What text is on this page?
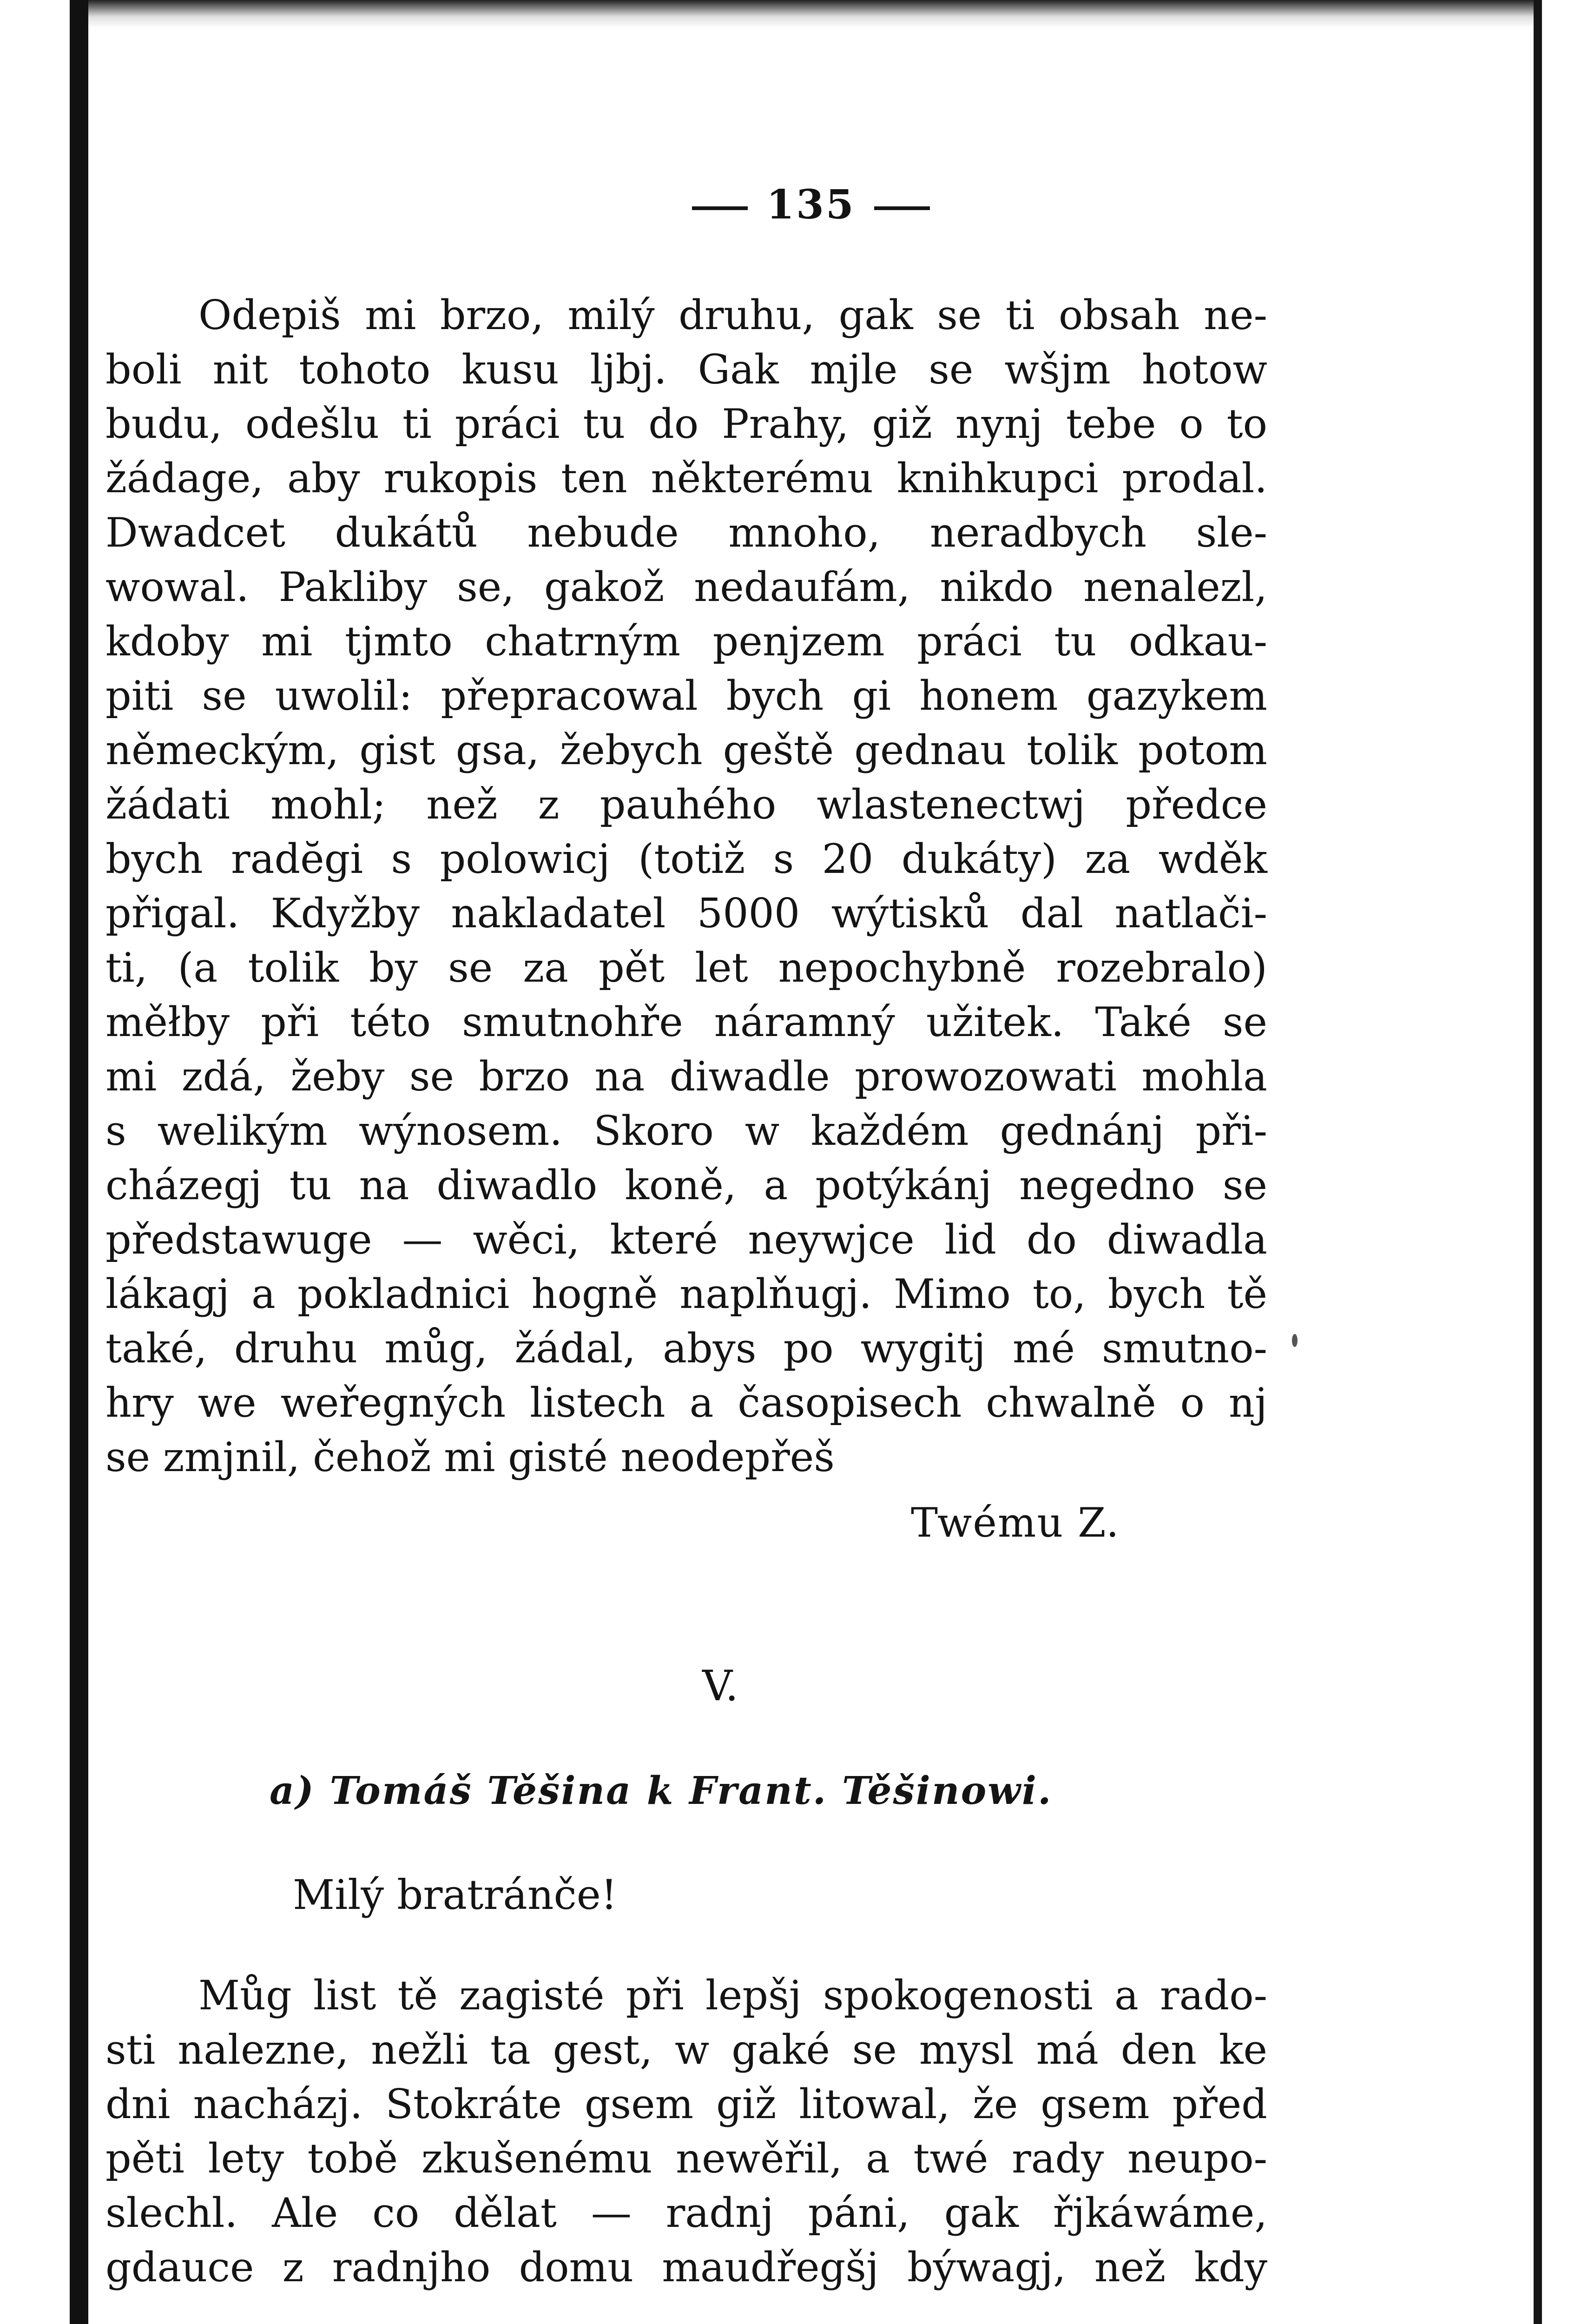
135
Odepiš mi brzo, milý druhu, gak se ti obsah ne-
boli nit tohoto kusu ljbj. Gak mjle se wšjm hotow
budu, odešlu ti práci tu do Prahy, giž nynj tebe o to
žádage, aby rukopis ten některému knihkupci prodal.
Dwadcet dukátů nebude mnoho, neradbych sle-
wowal. Pakliby se, gakož nedaufám, nikdo nenalezl,
kdoby mi tjmto chatrným penjzem práci tu odkau-
piti se uwolil: přepracowal bych gi honem gazykem
německým, gist gsa, žebych geště gednau tolik potom
žádati mohl; než z pauhého wlastenectwj předce
bych radĕgi s polowicj (totiž s 20 dukáty) za wděk
přigal. Kdyžby nakladatel 5000 wýtisků dal natlači-
ti, (a tolik by se za pět let nepochybně rozebralo)
měłby při této smutnohře náramný užitek. Také se
mi zdá, žeby se brzo na diwadle prowozowati mohla
s welikým wýnosem. Skoro w každém gednánj při-
cházegj tu na diwadlo koně, a potýkánj negedno se
předstawuge — wěci, které neywjce lid do diwadla
lákagj a pokladnici hogně naplňugj. Mimo to, bych tě
také, druhu můg, žádal, abys po wygitj mé smutno-
hry we weřegných listech a časopisech chwalně o nj
se zmjnil, čehož mi gisté neodepřeš
Twému Z.
V.
a) Tomáš Těšina k Frant. Těšinowi.
Milý bratránče!
Můg list tě zagisté při lepšj spokogenosti a rado-
sti nalezne, nežli ta gest, w gaké se mysl má den ke
dni nacházj. Stokráte gsem giž litowal, že gsem před
pěti lety tobě zkušenému newěřil, a twé rady neupo-
slechl. Ale co dělat — radnj páni, gak řjkáwáme,
gdauce z radnjho domu maudřegšj býwagj, než kdy
